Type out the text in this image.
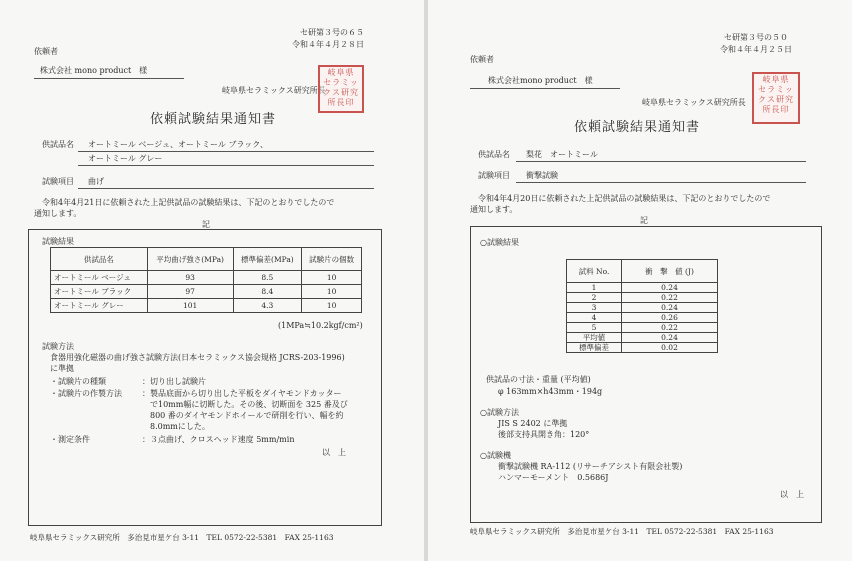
セ研第３号の６５
令和４年４月２８日
依頼者
株式会社 mono product　様
岐阜県セラミックス研究所長
岐阜県
セラミッ
クス研究
所長印
依頼試験結果通知書
供試品名 オートミール ベージュ、オートミール ブラック、
オートミール グレー
試験項目 曲げ
令和4年4月21日に依頼された上記供試品の試験結果は、下記のとおりでしたので
通知します。
記
試験結果
供試品名	平均曲げ強さ(MPa)	標準偏差(MPa)	試験片の個数
オートミール ベージュ	93	8.5	10
オートミール ブラック	97	8.4	10
オートミール グレー	101	4.3	10
(1MPa≒10.2kgf/cm²)
試験方法
食器用強化磁器の曲げ強さ試験方法(日本セラミックス協会規格 JCRS-203-1996)
に準拠
・試験片の種類	：切り出し試験片
・試験片の作製方法	：製品底面から切り出した平板をダイヤモンドカッター
　で10mm幅に切断した。その後、切断面を 325 番及び
　800 番のダイヤモンドホイールで研削を行い、幅を約
　8.0mmにした。
・測定条件	：３点曲げ、クロスヘッド速度 5mm/min
以　上
岐阜県セラミックス研究所　多治見市星ケ台 3-11　TEL 0572-22-5381　FAX 25-1163
セ研第３号の５０
令和４年４月２５日
依頼者
株式会社mono product　様
岐阜県セラミックス研究所長
岐阜県
セラミッ
クス研究
所長印
依頼試験結果通知書
供試品名 梨花　オートミール
試験項目 衝撃試験
令和4年4月20日に依頼された上記供試品の試験結果は、下記のとおりでしたので
通知します。
記
○試験結果
試料 No.	衝　撃　値 (J)
1	0.24
2	0.22
3	0.24
4	0.26
5	0.22
平均値	0.24
標準偏差	0.02
供試品の寸法・重量 (平均値)
φ 163mm×h43mm・194g
○試験方法
JIS S 2402 に準拠
後部支持具開き角：120°
○試験機
衝撃試験機 RA-112 (リサーチアシスト有限会社製)
ハンマーモーメント　0.5686J
以　上
岐阜県セラミックス研究所　多治見市星ケ台 3-11　TEL 0572-22-5381　FAX 25-1163
